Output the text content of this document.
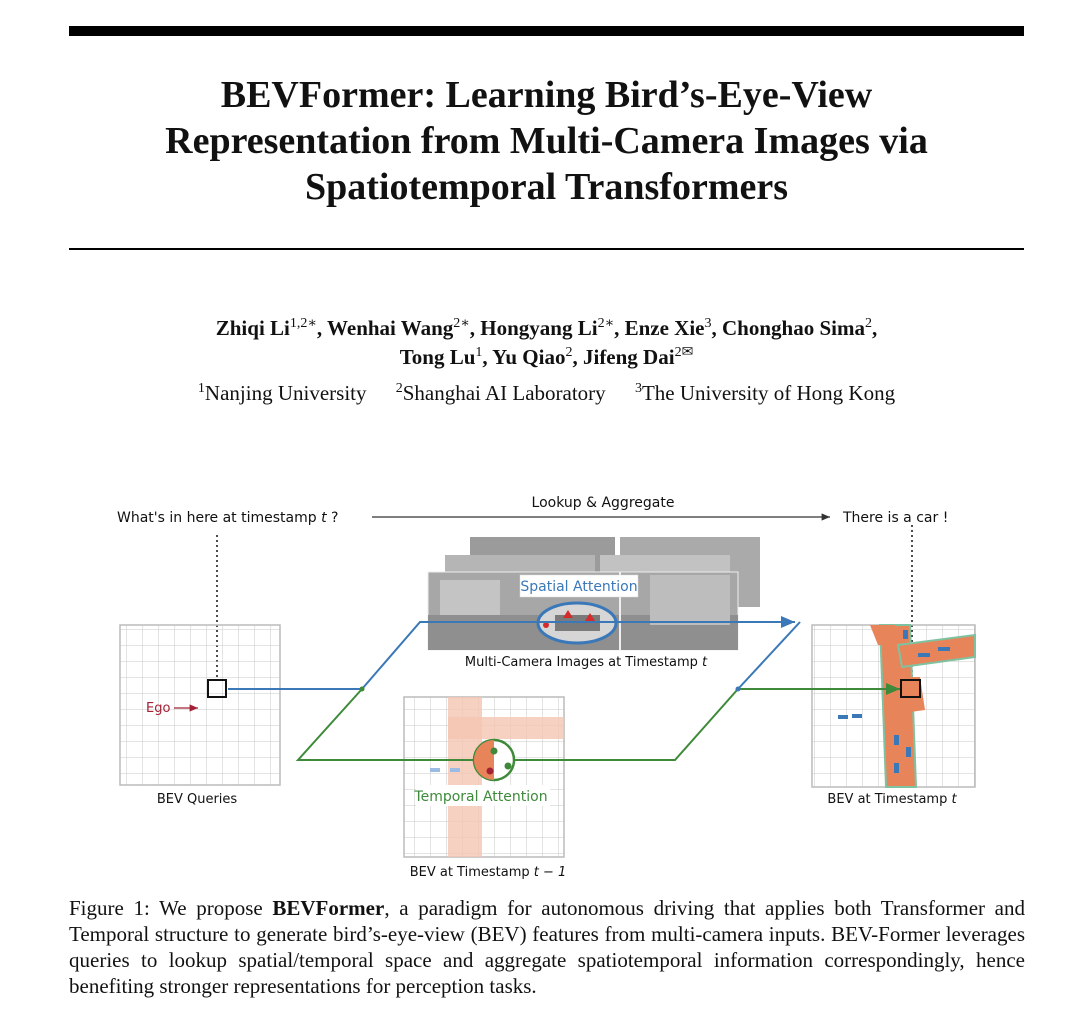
BEVFormer: Learning Bird’s-Eye-View
Representation from Multi-Camera Images via
Spatiotemporal Transformers
Zhiqi $Li^{1,2∗}$, Wenhai Wang$^{2∗}$, Hongyang $Li^{2∗}$, Enze Xie$^3$, Chonghao Sima$^2$,
Tong Lu$^1$, Yu Qiao$^2$, Jifeng Dai$^{2✉}$
$^1$Nanjing University $^2$Shanghai AI Laboratory $^3$The University of Hong Kong
What's in here at timestamp t ?
Lookup & Aggregate
There is a car !
Spatial Attention
Multi-Camera Images at Timestamp t
Ego
BEV Queries	Temporal Attention
BEV at Timestamp t − 1
BEV at Timestamp t
Figure 1: We propose BEVFormer, a paradigm for autonomous driving that applies both Transformer and Temporal structure to generate bird’s-eye-view (BEV) features from multi-camera inputs. BEV-Former leverages queries to lookup spatial/temporal space and aggregate spatiotemporal information correspondingly, hence benefiting stronger representations for perception tasks.
